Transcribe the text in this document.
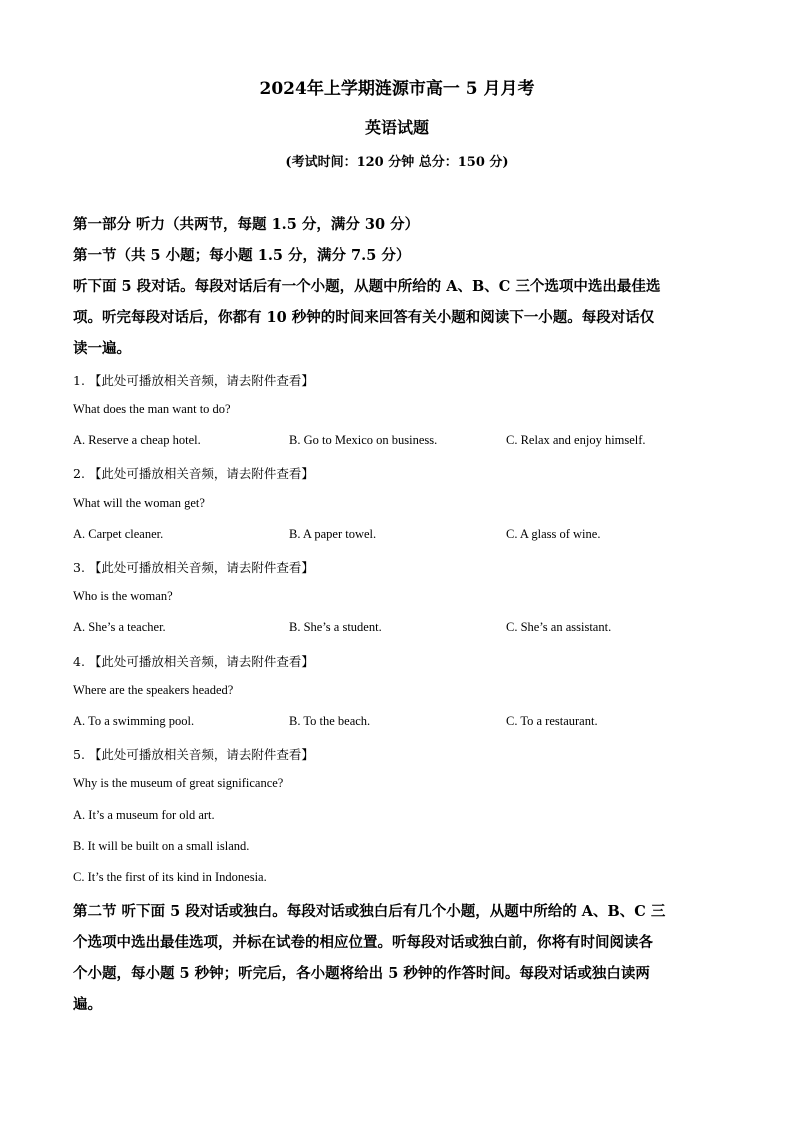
2024年上学期涟源市高一 5 月月考
英语试题
(考试时间：120 分钟 总分：150 分)
第一部分 听力（共两节，每题 1.5 分，满分 30 分）
第一节（共 5 小题；每小题 1.5 分，满分 7.5 分）
听下面 5 段对话。每段对话后有一个小题，从题中所给的 A、B、C 三个选项中选出最佳选
项。听完每段对话后，你都有 10 秒钟的时间来回答有关小题和阅读下一小题。每段对话仅
读一遍。
1. 【此处可播放相关音频，请去附件查看】
What does the man want to do?
A. Reserve a cheap hotel.	B. Go to Mexico on business.	C. Relax and enjoy himself.
2. 【此处可播放相关音频，请去附件查看】
What will the woman get?
A. Carpet cleaner.	B. A paper towel.	C. A glass of wine.
3. 【此处可播放相关音频，请去附件查看】
Who is the woman?
A. She’s a teacher.	B. She’s a student.	C. She’s an assistant.
4. 【此处可播放相关音频，请去附件查看】
Where are the speakers headed?
A. To a swimming pool.	B. To the beach.	C. To a restaurant.
5. 【此处可播放相关音频，请去附件查看】
Why is the museum of great significance?
A. It’s a museum for old art.
B. It will be built on a small island.
C. It’s the first of its kind in Indonesia.
第二节 听下面 5 段对话或独白。每段对话或独白后有几个小题，从题中所给的 A、B、C 三
个选项中选出最佳选项，并标在试卷的相应位置。听每段对话或独白前，你将有时间阅读各
个小题，每小题 5 秒钟；听完后，各小题将给出 5 秒钟的作答时间。每段对话或独白读两
遍。
